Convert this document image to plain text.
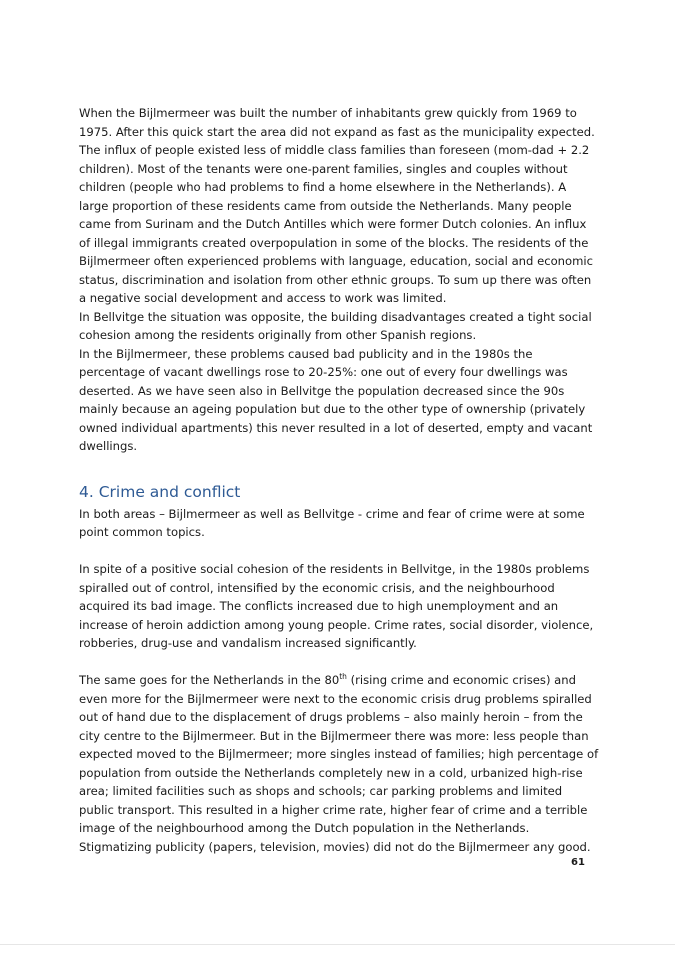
When the Bijlmermeer was built the number of inhabitants grew quickly from 1969 to 1975. After this quick start the area did not expand as fast as the municipality expected. The influx of people existed less of middle class families than foreseen (mom-dad + 2.2 children). Most of the tenants were one-parent families, singles and couples without children (people who had problems to find a home elsewhere in the Netherlands). A large proportion of these residents came from outside the Netherlands. Many people came from Surinam and the Dutch Antilles which were former Dutch colonies. An influx of illegal immigrants created overpopulation in some of the blocks. The residents of the Bijlmermeer often experienced problems with language, education, social and economic status, discrimination and isolation from other ethnic groups. To sum up there was often a negative social development and access to work was limited.

In Bellvitge the situation was opposite, the building disadvantages created a tight social cohesion among the residents originally from other Spanish regions.

In the Bijlmermeer, these problems caused bad publicity and in the 1980s the percentage of vacant dwellings rose to 20-25%: one out of every four dwellings was deserted. As we have seen also in Bellvitge the population decreased since the 90s mainly because an ageing population but due to the other type of ownership (privately owned individual apartments) this never resulted in a lot of deserted, empty and vacant dwellings.

4. Crime and conflict

In both areas – Bijlmermeer as well as Bellvitge - crime and fear of crime were at some point common topics.

In spite of a positive social cohesion of the residents in Bellvitge, in the 1980s problems spiralled out of control, intensified by the economic crisis, and the neighbourhood acquired its bad image. The conflicts increased due to high unemployment and an increase of heroin addiction among young people. Crime rates, social disorder, violence, robberies, drug-use and vandalism increased significantly.

The same goes for the Netherlands in the 80th (rising crime and economic crises) and even more for the Bijlmermeer were next to the economic crisis drug problems spiralled out of hand due to the displacement of drugs problems – also mainly heroin – from the city centre to the Bijlmermeer. But in the Bijlmermeer there was more: less people than expected moved to the Bijlmermeer; more singles instead of families; high percentage of population from outside the Netherlands completely new in a cold, urbanized high-rise area; limited facilities such as shops and schools; car parking problems and limited public transport. This resulted in a higher crime rate, higher fear of crime and a terrible image of the neighbourhood among the Dutch population in the Netherlands. Stigmatizing publicity (papers, television, movies) did not do the Bijlmermeer any good.

61
